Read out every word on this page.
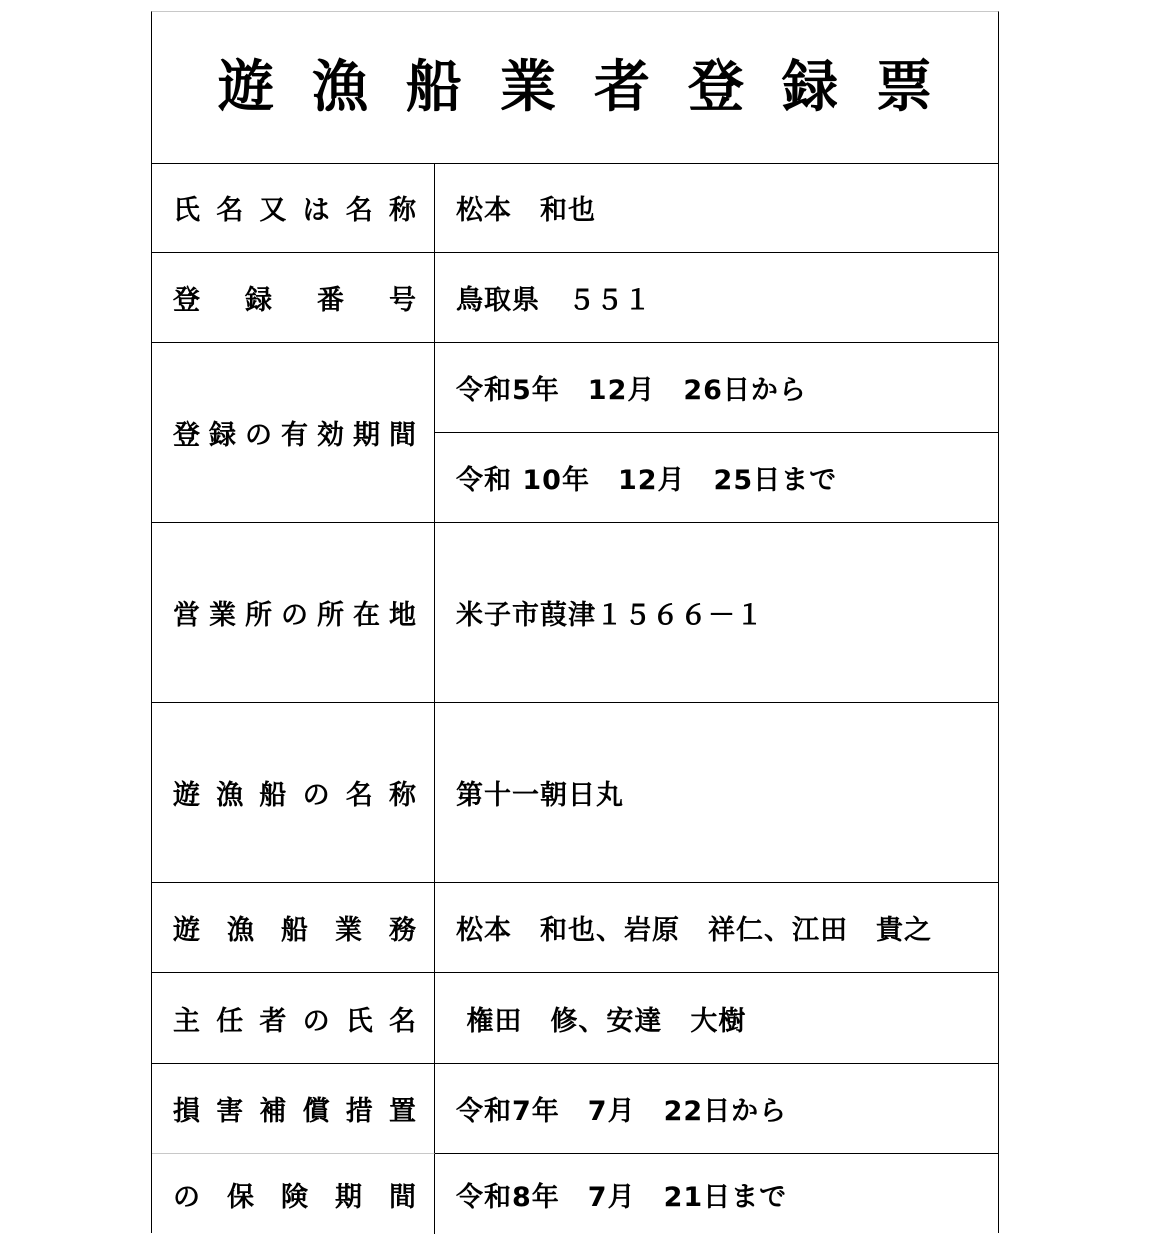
遊漁船業者登録票
氏名又は名称 松本　和也
登録番号 鳥取県　５５１
登録の有効期間
令和5年　12月　26日から
令和 10年　12月　25日まで
営業所の所在地 米子市葭津１５６６－１
遊漁船の名称 第十一朝日丸
遊漁船業務 松本　和也、岩原　祥仁、江田　貴之
主任者の氏名 権田　修、安達　大樹
損害補償措置 令和7年　7月　22日から
の保険期間 令和8年　7月　21日まで
